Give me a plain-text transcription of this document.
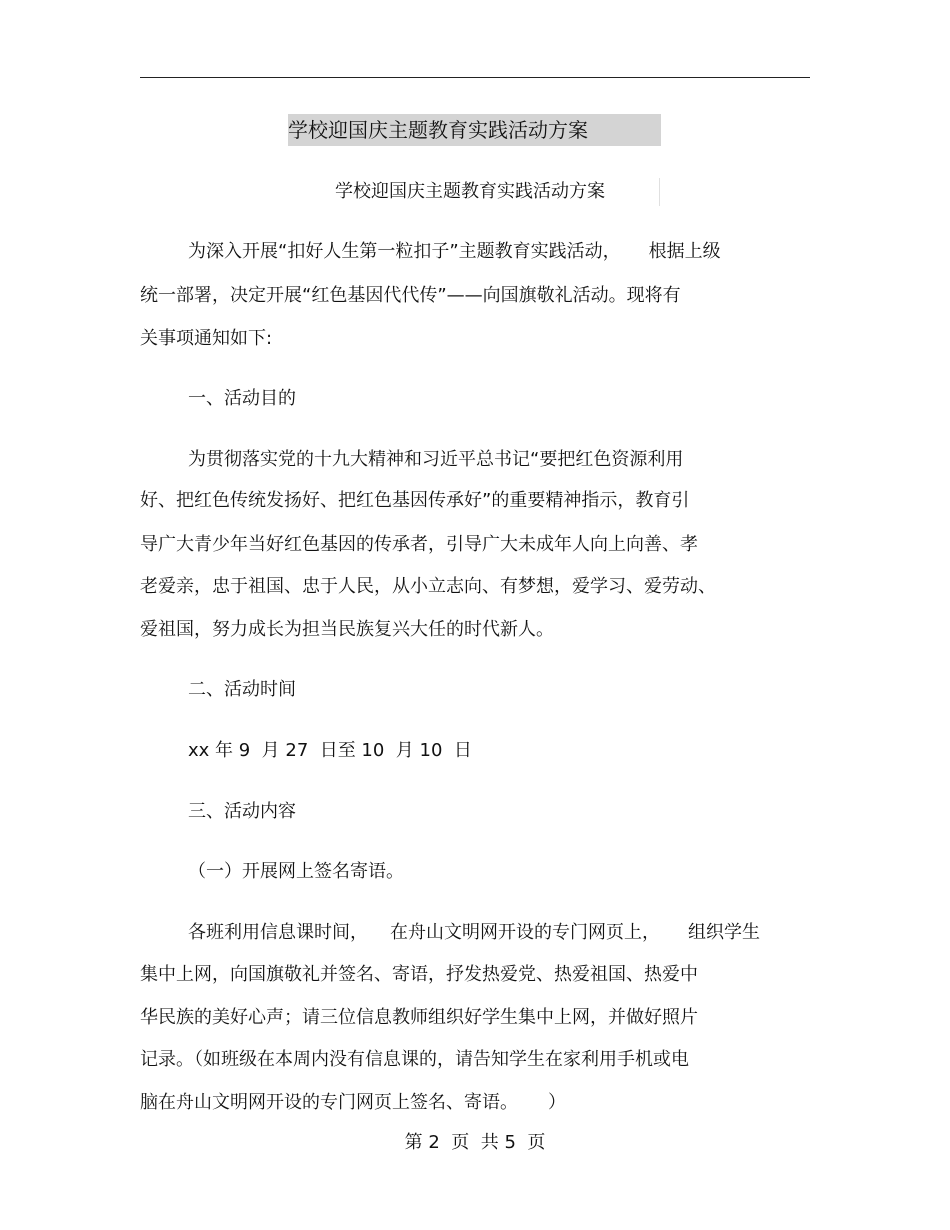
学校迎国庆主题教育实践活动方案
学校迎国庆主题教育实践活动方案
为深入开展“扣好人生第一粒扣子”主题教育实践活动， 根据上级
统一部署，决定开展“红色基因代代传”——向国旗敬礼活动。现将有
关事项通知如下:
一、活动目的
为贯彻落实党的十九大精神和习近平总书记“要把红色资源利用
好、把红色传统发扬好、把红色基因传承好”的重要精神指示，教育引
导广大青少年当好红色基因的传承者，引导广大未成年人向上向善、孝
老爱亲，忠于祖国、忠于人民，从小立志向、有梦想，爱学习、爱劳动、
爱祖国，努力成长为担当民族复兴大任的时代新人。
二、活动时间
xx 年 9  月 27  日至 10  月 10  日
三、活动内容
（一）开展网上签名寄语。
各班利用信息课时间， 在舟山文明网开设的专门网页上， 组织学生
集中上网，向国旗敬礼并签名、寄语，抒发热爱党、热爱祖国、热爱中
华民族的美好心声；请三位信息教师组织好学生集中上网，并做好照片
记录。（如班级在本周内没有信息课的，请告知学生在家利用手机或电
脑在舟山文明网开设的专门网页上签名、寄语。 ）
第 2  页  共 5  页
